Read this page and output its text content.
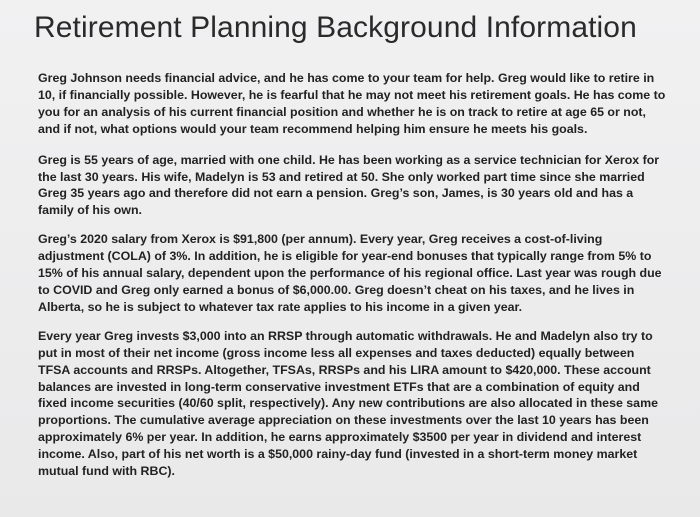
Retirement Planning Background Information

Greg Johnson needs financial advice, and he has come to your team for help. Greg would like to retire in 10, if financially possible. However, he is fearful that he may not meet his retirement goals. He has come to you for an analysis of his current financial position and whether he is on track to retire at age 65 or not, and if not, what options would your team recommend helping him ensure he meets his goals.

Greg is 55 years of age, married with one child. He has been working as a service technician for Xerox for the last 30 years. His wife, Madelyn is 53 and retired at 50. She only worked part time since she married Greg 35 years ago and therefore did not earn a pension. Greg’s son, James, is 30 years old and has a family of his own.

Greg’s 2020 salary from Xerox is $91,800 (per annum). Every year, Greg receives a cost-of-living adjustment (COLA) of 3%. In addition, he is eligible for year-end bonuses that typically range from 5% to 15% of his annual salary, dependent upon the performance of his regional office. Last year was rough due to COVID and Greg only earned a bonus of $6,000.00. Greg doesn’t cheat on his taxes, and he lives in Alberta, so he is subject to whatever tax rate applies to his income in a given year.

Every year Greg invests $3,000 into an RRSP through automatic withdrawals. He and Madelyn also try to put in most of their net income (gross income less all expenses and taxes deducted) equally between TFSA accounts and RRSPs. Altogether, TFSAs, RRSPs and his LIRA amount to $420,000. These account balances are invested in long-term conservative investment ETFs that are a combination of equity and fixed income securities (40/60 split, respectively). Any new contributions are also allocated in these same proportions. The cumulative average appreciation on these investments over the last 10 years has been approximately 6% per year. In addition, he earns approximately $3500 per year in dividend and interest income. Also, part of his net worth is a $50,000 rainy-day fund (invested in a short-term money market mutual fund with RBC).
